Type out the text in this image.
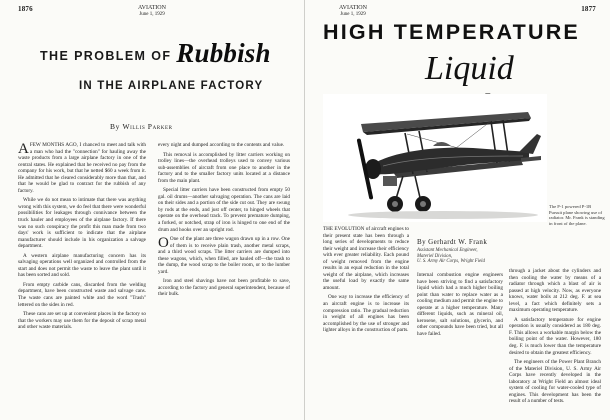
1876	AVIATION
June 1, 1929
THE PROBLEM OF Rubbish
IN THE AIRPLANE FACTORY
By Willis Parker

AFEW MONTHS AGO, I chanced to meet and talk with a man who had the "connection" for hauling away the waste products from a large airplane factory in one of the central states. He explained that he received no pay from the company for his work, but that he netted $60 a week from it. He admitted that he cleared considerably more than that, and that he would be glad to contract for the rubbish of any factory.

While we do not mean to intimate that there was anything wrong with this system, we do feel that there were wonderful possibilities for leakages through connivance between the truck hauler and employees of the airplane factory. If there was no such conspiracy the profit this man made from two days' work is sufficient to indicate that the airplane manufacturer should include in his organization a salvage department.

A western airplane manufacturing concern has its salvaging operations well organized and controlled from the start and does not permit the waste to leave the plant until it has been sorted and sold.

From empty carbide cans, discarded from the welding department, have been constructed waste and salvage cans. The waste cans are painted white and the word "Trash" lettered on the sides in red.

These cans are set up at convenient places in the factory so that the workers may use them for the deposit of scrap metal and other waste materials.

every night and dumped according to the contents and value.

This removal is accomplished by litter carriers working on trolley lines—the overhead trolleys used to convey various sub-assemblies of aircraft from one place to another in the factory and to the smaller factory units located at a distance from the main plant.

Special litter carriers have been constructed from empty 50 gal. oil drums—another salvaging operation. The cans are laid on their sides and a portion of the side cut out. They are swung by rods at the ends, and just off center, to hinged wheels that operate on the overhead track. To prevent premature dumping, a forked, or notched, strap of iron is hinged to one end of the drum and hooks over an upright rod.

O One of the plant are three wagon drawn up in a row. One of them is to receive plain trash, another metal scraps, and a third wood scraps. The litter carriers are dumped into these wagons, which, when filled, are hauled off—the trash to the dump, the wood scrap to the boiler room, or to the lumber yard.

Iron and steel shavings have not been profitable to save, according to the factory and general superintendent, because of their bulk.

AVIATION
June 1, 1929
1877
HIGH TEMPERATURE
Liquid
The P-1 powered P-1B Pursuit plane showing use of radiator. Mr. Frank is standing in front of the plane.
By Gerhardt W. Frank
Assistant Mechanical Engineer,
Materiel Division,
U. S. Army Air Corps, Wright Field

THE EVOLUTION of aircraft engines to their present state has been through a long series of developments to reduce their weight and increase their efficiency with ever greater reliability. Each pound of weight removed from the engine results in an equal reduction in the total weight of the airplane, which increases the useful load by exactly the same amount.

One way to increase the efficiency of an aircraft engine is to increase its compression ratio. The gradual reduction in weight of all engines has been accomplished by the use of stronger and lighter alloys in the construction of parts.

Internal combustion engine engineers have been striving to find a satisfactory liquid which had a much higher boiling point than water to replace water as a cooling medium and permit the engine to operate at a higher temperature. Many different liquids, such as mineral oil, kerosene, salt solutions, glycerin, and other compounds have been tried, but all have failed.

through a jacket about the cylinders and then cooling the water by means of a radiator through which a blast of air is passed at high velocity. Now, as everyone knows, water boils at 212 deg. F. at sea level, a fact which definitely sets a maximum operating temperature.

A satisfactory temperature for engine operation is usually considered as 180 deg. F. This allows a workable margin below the boiling point of the water. However, 180 deg. F. is much lower than the temperature desired to obtain the greatest efficiency.

The engineers of the Power Plant Branch of the Materiel Division, U. S. Army Air Corps have recently developed in the laboratory at Wright Field an almost ideal system of cooling for water-cooled type of engines. This development has been the result of a number of tests.
